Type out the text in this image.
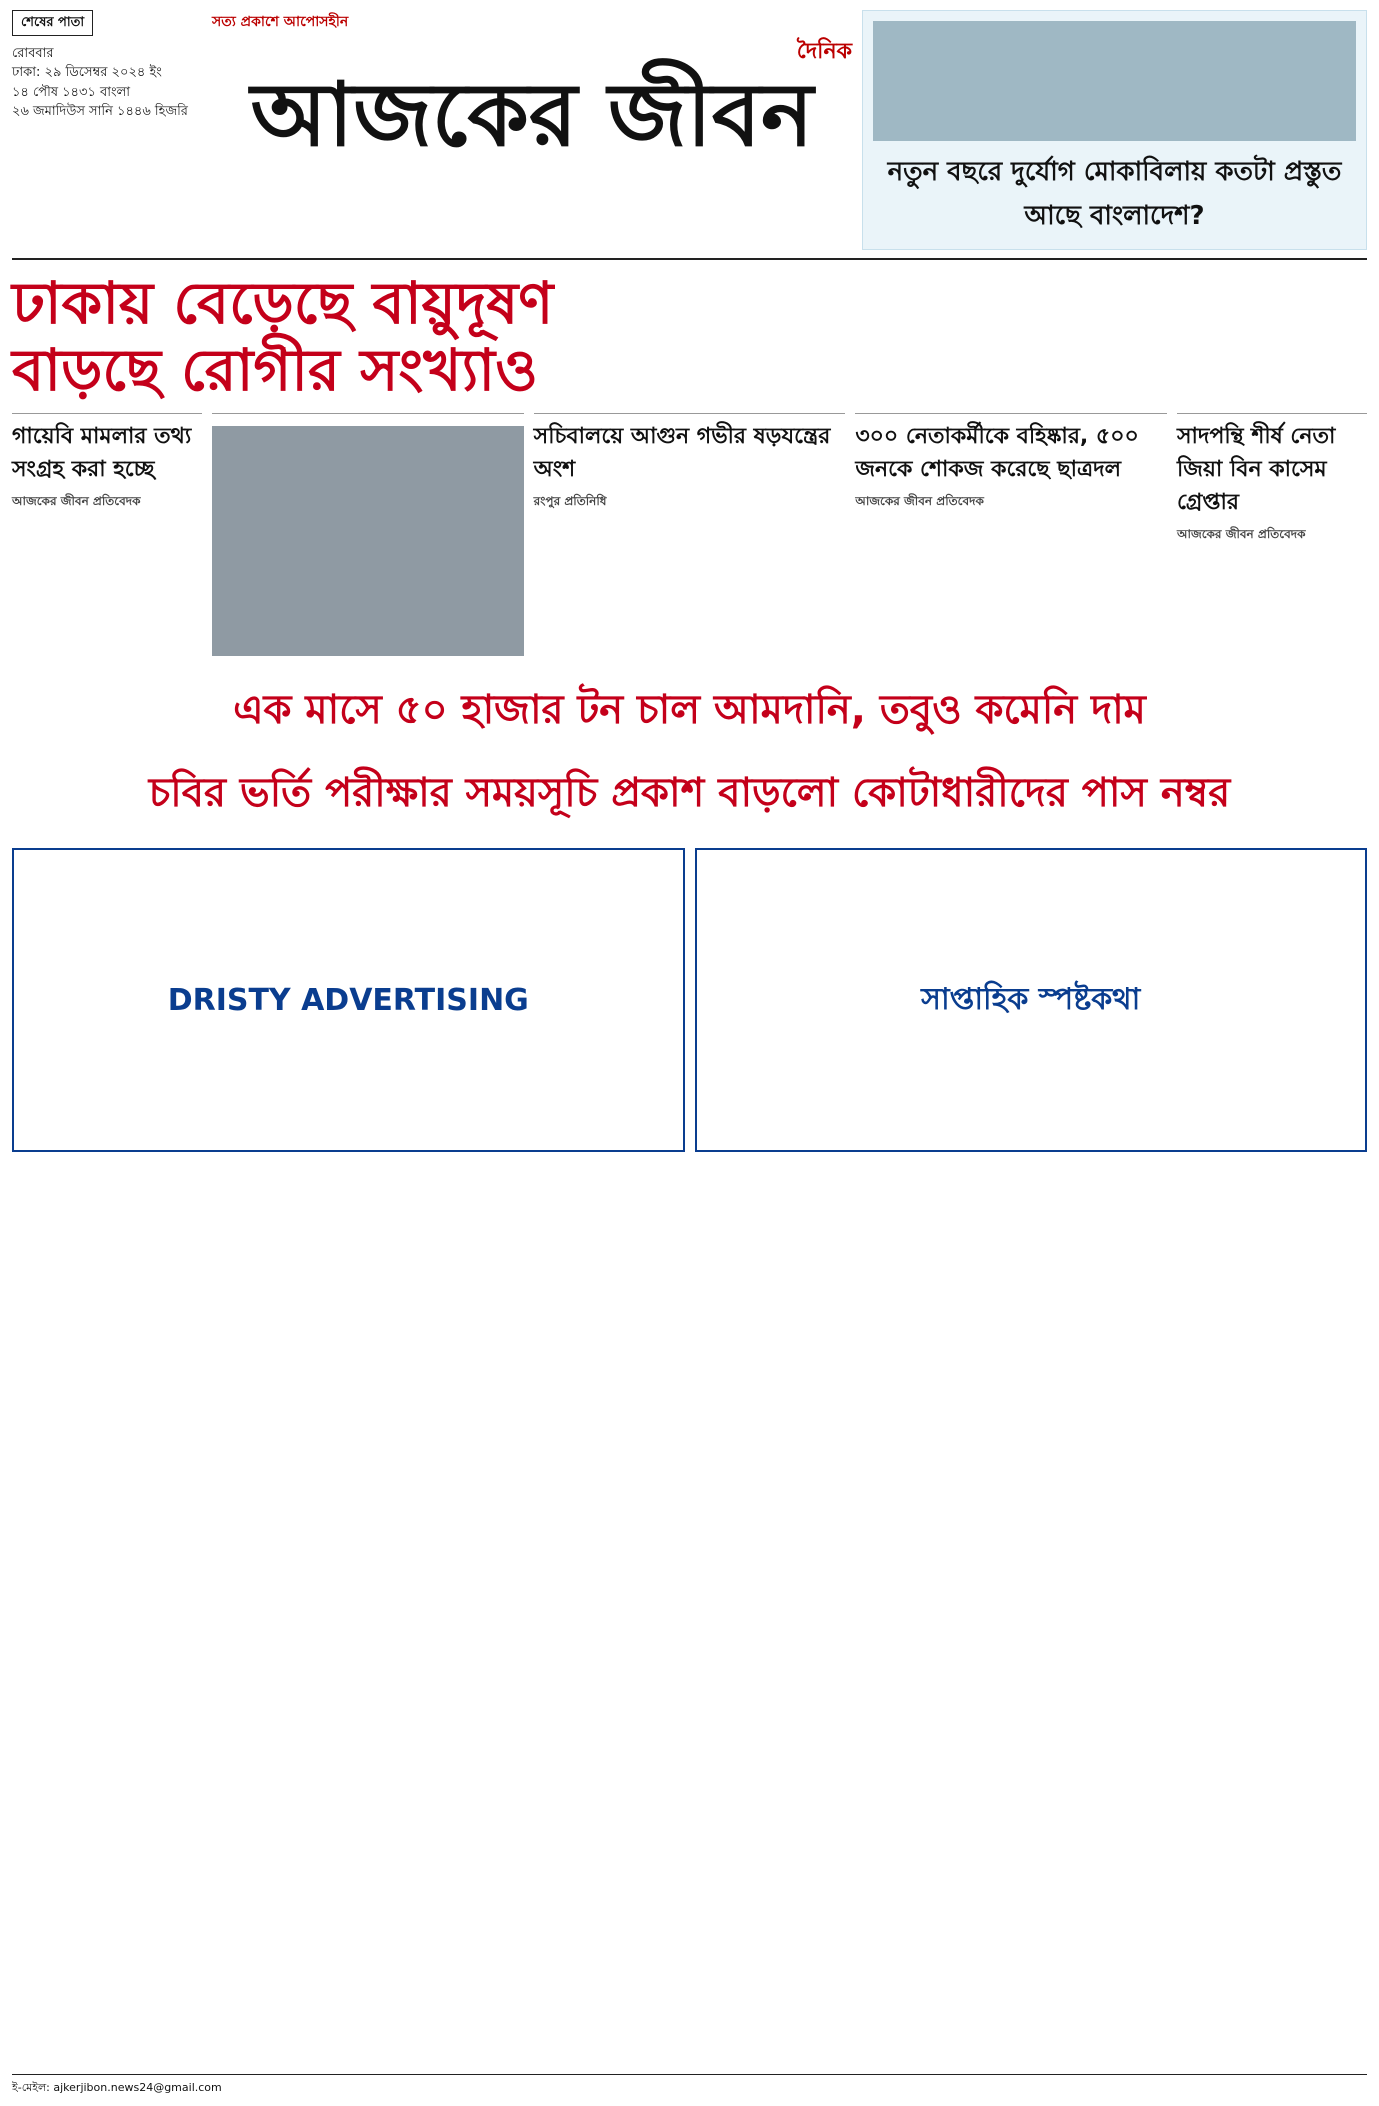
শেষের পাতা
রোববার
ঢাকা: ২৯ ডিসেম্বর ২০২৪ ইং
১৪ পৌষ ১৪৩১ বাংলা
২৬ জমাদিউস সানি ১৪৪৬ হিজরি
সত্য প্রকাশে আপোসহীন
দৈনিক
আজকের জীবন
নতুন বছরে দুর্যোগ মোকাবিলায় কতটা প্রস্তুত আছে বাংলাদেশ?
ঢাকায় বেড়েছে বায়ুদূষণ
বাড়ছে রোগীর সংখ্যাও
গায়েবি মামলার তথ্য সংগ্রহ করা হচ্ছে
আজকের জীবন প্রতিবেদক
সচিবালয়ে আগুন গভীর ষড়যন্ত্রের অংশ
রংপুর প্রতিনিধি
৩০০ নেতাকর্মীকে বহিষ্কার, ৫০০ জনকে শোকজ করেছে ছাত্রদল
আজকের জীবন প্রতিবেদক
সাদপন্থি শীর্ষ নেতা জিয়া বিন কাসেম গ্রেপ্তার
আজকের জীবন প্রতিবেদক
এক মাসে ৫০ হাজার টন চাল আমদানি, তবুও কমেনি দাম
চবির ভর্তি পরীক্ষার সময়সূচি প্রকাশ বাড়লো কোটাধারীদের পাস নম্বর
DRISTY ADVERTISING	সাপ্তাহিক স্পষ্টকথা
ই-মেইল: ajkerjibon.news24@gmail.com
